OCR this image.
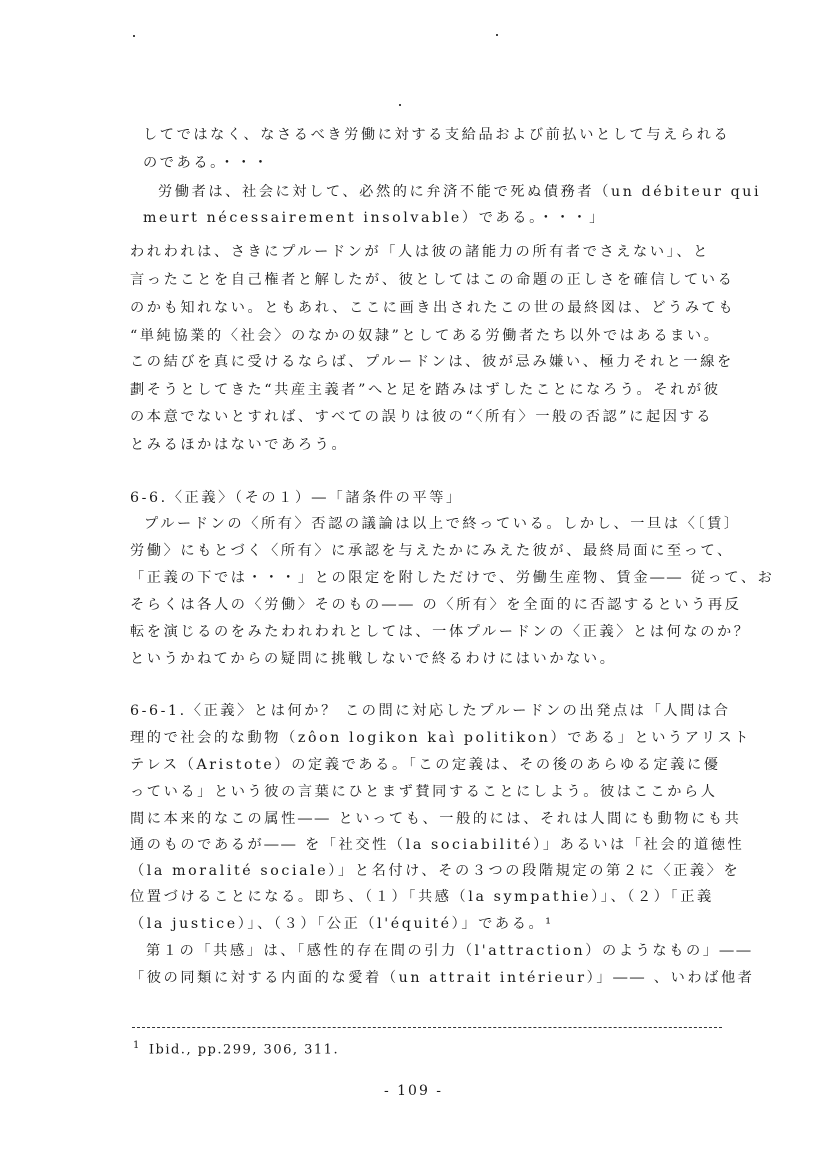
してではなく、なさるべき労働に対する支給品および前払いとして与えられる
のである。・・・
労働者は、社会に対して、必然的に弁済不能で死ぬ債務者（un débiteur qui
meurt nécessairement insolvable）である。・・・」
われわれは、さきにプルードンが「人は彼の諸能力の所有者でさえない」、と
言ったことを自己権者と解したが、彼としてはこの命題の正しさを確信している
のかも知れない。ともあれ、ここに画き出されたこの世の最終図は、どうみても
“単純協業的〈社会〉のなかの奴隷”としてある労働者たち以外ではあるまい。
この結びを真に受けるならば、プルードンは、彼が忌み嫌い、極力それと一線を
劃そうとしてきた“共産主義者”へと足を踏みはずしたことになろう。それが彼
の本意でないとすれば、すべての誤りは彼の“〈所有〉一般の否認”に起因する
とみるほかはないであろう。
6-6.〈正義〉（その１）―「諸条件の平等」
プルードンの〈所有〉否認の議論は以上で終っている。しかし、一旦は〈〔賃〕
労働〉にもとづく〈所有〉に承認を与えたかにみえた彼が、最終局面に至って、
「正義の下では・・・」との限定を附しただけで、労働生産物、賃金―― 従って、お
そらくは各人の〈労働〉そのもの―― の〈所有〉を全面的に否認するという再反
転を演じるのをみたわれわれとしては、一体プルードンの〈正義〉とは何なのか？
というかねてからの疑問に挑戦しないで終るわけにはいかない。
6-6-1.〈正義〉とは何か？ この問に対応したプルードンの出発点は「人間は合
理的で社会的な動物（zôon logikon kaì politikon）である」というアリスト
テレス（Aristote）の定義である。「この定義は、その後のあらゆる定義に優
っている」という彼の言葉にひとまず賛同することにしよう。彼はここから人
間に本来的なこの属性―― といっても、一般的には、それは人間にも動物にも共
通のものであるが―― を「社交性（la sociabilité）」あるいは「社会的道徳性
（la moralité sociale）」と名付け、その３つの段階規定の第２に〈正義〉を
位置づけることになる。即ち、（１）「共感（la sympathie）」、（２）「正義
（la justice）」、（３）「公正（l'équité）」である。¹
第１の「共感」は、「感性的存在間の引力（l'attraction）のようなもの」――
「彼の同類に対する内面的な愛着（un attrait intérieur）」―― 、いわば他者
$^1$ Ibid., pp.299, 306, 311.
- 109 -
